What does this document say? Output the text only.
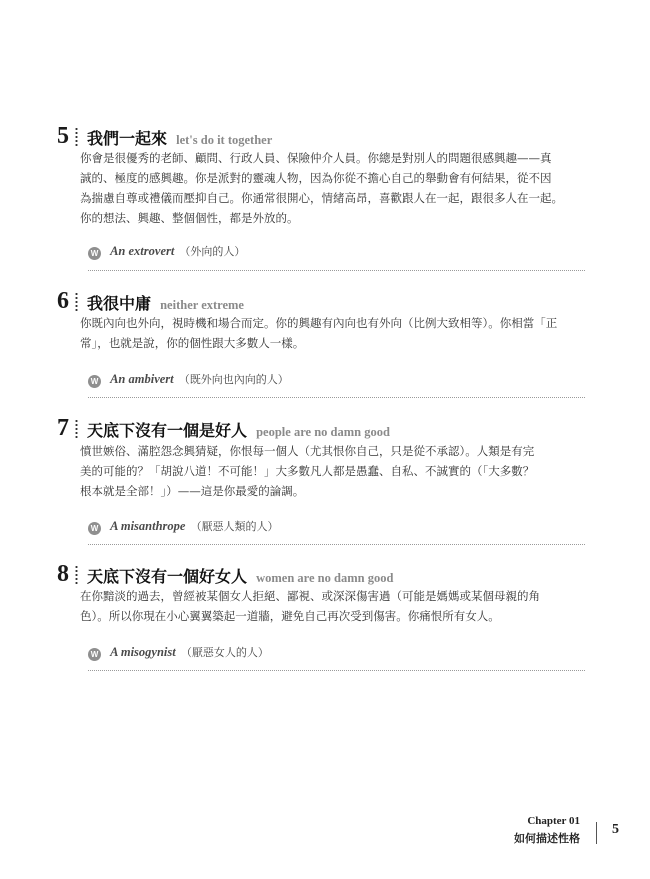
5 我們一起來 let's do it together
你會是很優秀的老師、顧問、行政人員、保險仲介人員。你總是對別人的問題很感興趣——真
誠的、極度的感興趣。你是派對的靈魂人物，因為你從不擔心自己的舉動會有何結果，從不因
為揣慮自尊或禮儀而壓抑自己。你通常很開心，情緒高昂，喜歡跟人在一起，跟很多人在一起。
你的想法、興趣、整個個性，都是外放的。
W An extrovert （外向的人）
6 我很中庸 neither extreme
你既內向也外向，視時機和場合而定。你的興趣有內向也有外向（比例大致相等）。你相當「正
常」，也就是說，你的個性跟大多數人一樣。
W An ambivert （既外向也內向的人）
7 天底下沒有一個是好人 people are no damn good
憤世嫉俗、滿腔怨念興猜疑，你恨每一個人（尤其恨你自己，只是從不承認）。人類是有完
美的可能的？「胡說八道！不可能！」大多數凡人都是愚蠢、自私、不誠實的（「大多數？
根本就是全部！」）——這是你最愛的論調。
W A misanthrope （厭惡人類的人）
8 天底下沒有一個好女人 women are no damn good
在你黯淡的過去，曾經被某個女人拒絕、鄙視、或深深傷害過（可能是媽媽或某個母親的角
色）。所以你現在小心翼翼築起一道牆，避免自己再次受到傷害。你痛恨所有女人。
W A misogynist （厭惡女人的人）
Chapter 01
如何描述性格
5
